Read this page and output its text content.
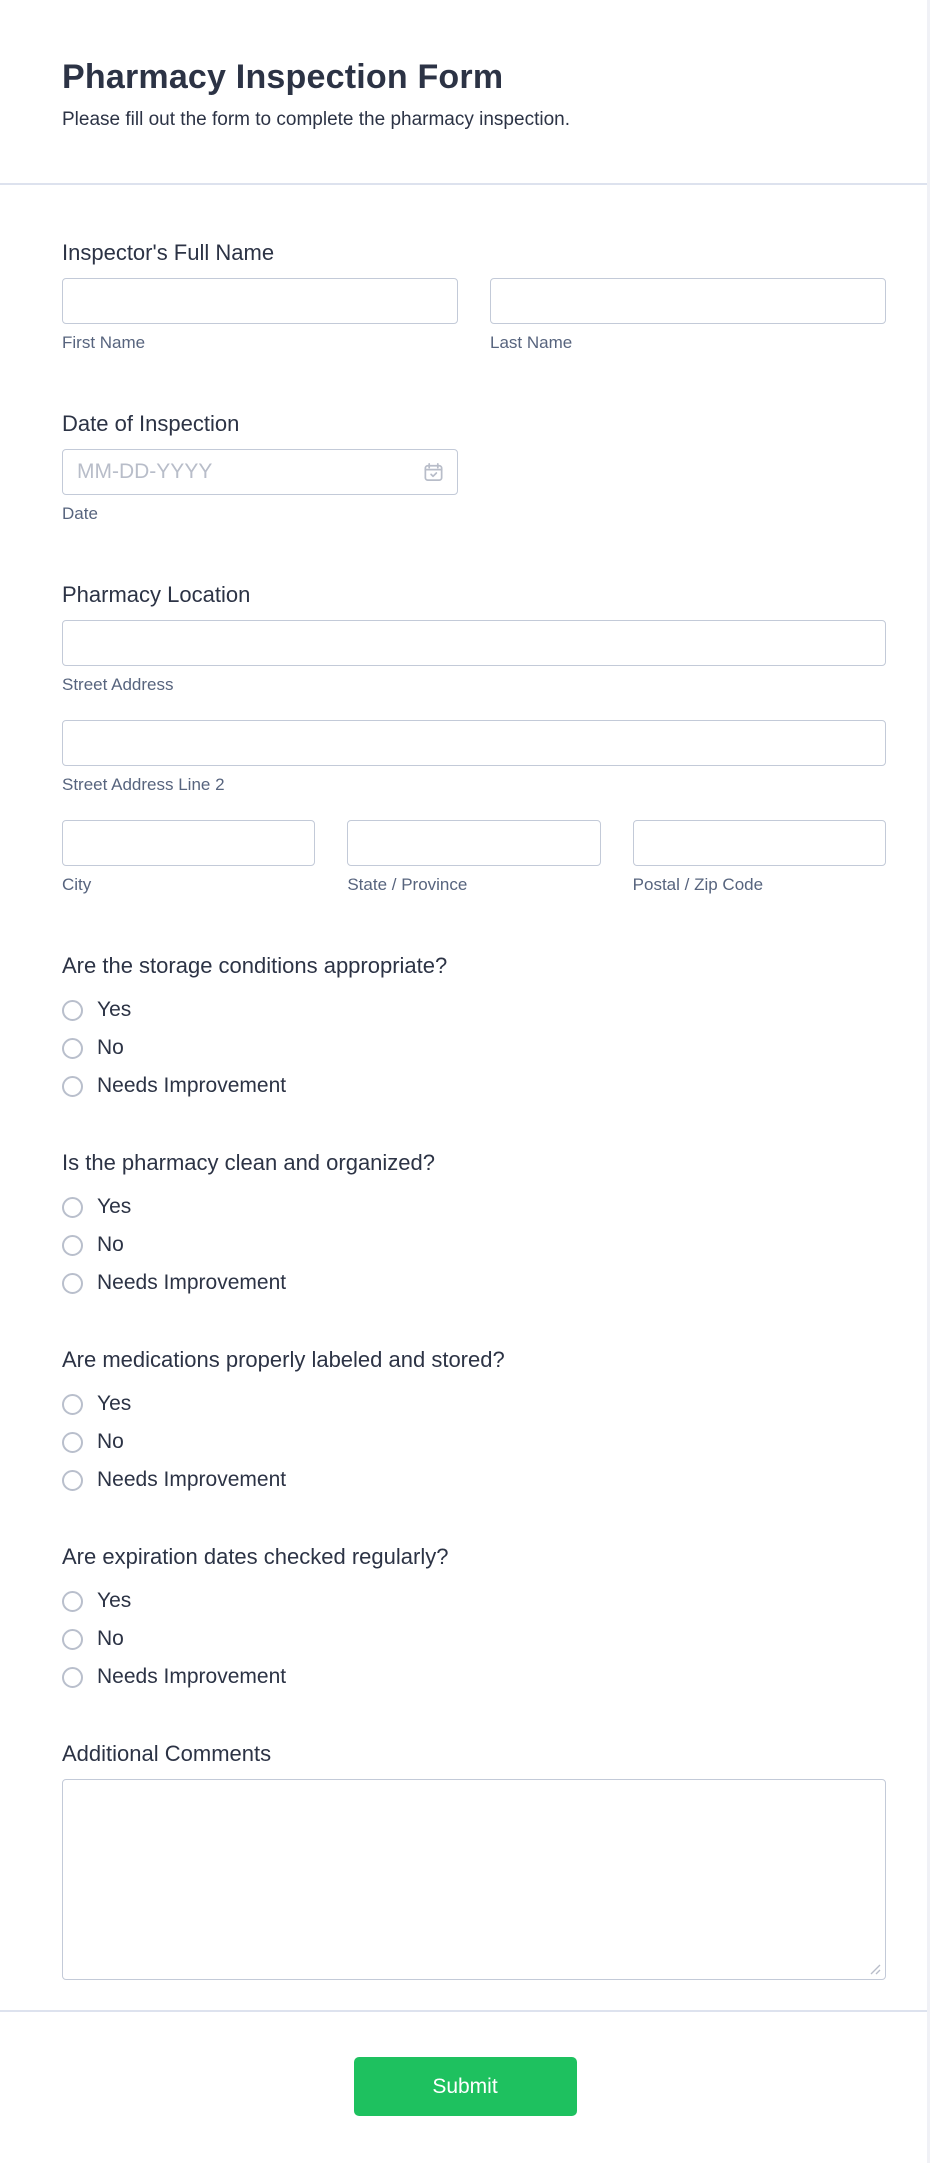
Pharmacy Inspection Form

Please fill out the form to complete the pharmacy inspection.

Inspector's Full Name
First Name	Last Name
Date of Inspection
MM-DD-YYYY
Date
Pharmacy Location
Street Address
Street Address Line 2
City	State / Province	Postal / Zip Code
Are the storage conditions appropriate?
Yes
No
Needs Improvement
Is the pharmacy clean and organized?
Yes
No
Needs Improvement
Are medications properly labeled and stored?
Yes
No
Needs Improvement
Are expiration dates checked regularly?
Yes
No
Needs Improvement
Additional Comments
Submit
